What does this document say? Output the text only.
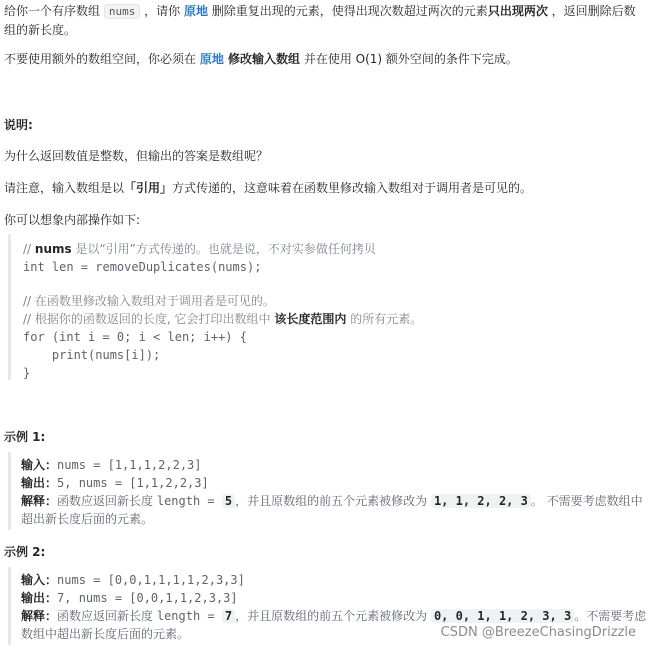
给你一个有序数组 nums ，请你 原地 删除重复出现的元素，使得出现次数超过两次的元素只出现两次 ，返回删除后数
组的新长度。

不要使用额外的数组空间，你必须在 原地 修改输入数组 并在使用 O(1) 额外空间的条件下完成。

说明:

为什么返回数值是整数，但输出的答案是数组呢？

请注意，输入数组是以「引用」方式传递的，这意味着在函数里修改输入数组对于调用者是可见的。

你可以想象内部操作如下:

// nums 是以“引用”方式传递的。也就是说，不对实参做任何拷贝
int len = removeDuplicates(nums);
// 在函数里修改输入数组对于调用者是可见的。
// 根据你的函数返回的长度, 它会打印出数组中 该长度范围内 的所有元素。
for (int i = 0; i < len; i++) {
print(nums[i]);
}

示例 1:

输入：nums = [1,1,1,2,2,3]
输出：5, nums = [1,1,2,2,3]
解释：函数应返回新长度 length = 5 ，并且原数组的前五个元素被修改为 1, 1, 2, 2, 3 。 不需要考虑数组中
超出新长度后面的元素。

示例 2:

输入：nums = [0,0,1,1,1,1,2,3,3]
输出：7, nums = [0,0,1,1,2,3,3]
解释：函数应返回新长度 length = 7 ，并且原数组的前五个元素被修改为 0, 0, 1, 1, 2, 3, 3 。不需要考虑
数组中超出新长度后面的元素。	CSDN @BreezeChasingDrizzle
